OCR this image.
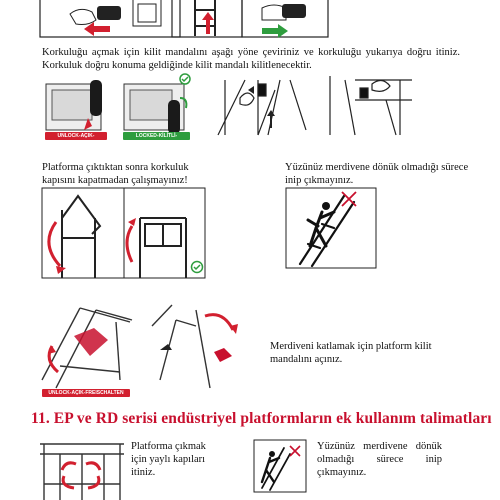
Korkuluğu açmak için kilit mandalını aşağı yöne çeviriniz ve korkuluğu yukarıya doğru itiniz. Korkuluk doğru konuma geldiğinde kilit mandalı kilitlenecektir.
UNLOCK-AÇIK-FREISCHALTEN
LOCKED-KİLİTLİ-VERSCHLOSSEN
Platforma çıktıktan sonra korkuluk kapısını kapatmadan çalışmayınız!
Yüzünüz merdivene dönük olmadığı sürece inip çıkmayınız.
Merdiveni katlamak için platform kilit mandalını açınız.
UNLOCK-AÇIK-FREISCHALTEN
11. EP ve RD serisi endüstriyel platformların ek kullanım talimatları
Platforma çıkmak için yaylı kapıları itiniz.
Yüzünüz merdivene dönük olmadığı sürece inip çıkmayınız.
